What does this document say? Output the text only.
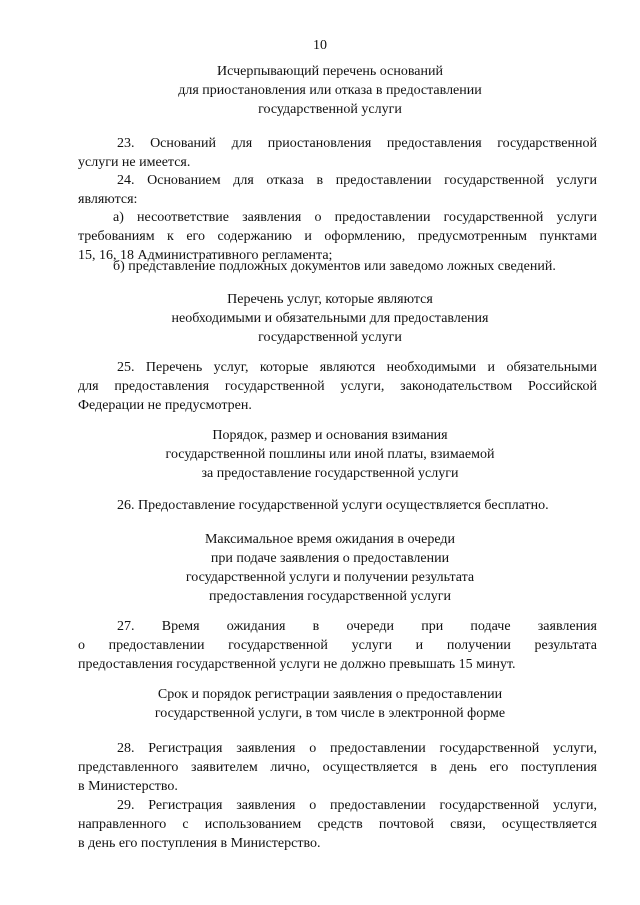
10
Исчерпывающий перечень оснований
для приостановления или отказа в предоставлении
государственной услуги
23. Оснований для приостановления предоставления государственной
услуги не имеется.
24. Основанием для отказа в предоставлении государственной услуги
являются:
а) несоответствие заявления о предоставлении государственной услуги
требованиям к его содержанию и оформлению, предусмотренным пунктами
15, 16, 18 Административного регламента;
б) представление подложных документов или заведомо ложных сведений.
Перечень услуг, которые являются
необходимыми и обязательными для предоставления
государственной услуги
25. Перечень услуг, которые являются необходимыми и обязательными
для предоставления государственной услуги, законодательством Российской
Федерации не предусмотрен.
Порядок, размер и основания взимания
государственной пошлины или иной платы, взимаемой
за предоставление государственной услуги
26. Предоставление государственной услуги осуществляется бесплатно.
Максимальное время ожидания в очереди
при подаче заявления о предоставлении
государственной услуги и получении результата
предоставления государственной услуги
27. Время ожидания в очереди при подаче заявления
о предоставлении государственной услуги и получении результата
предоставления государственной услуги не должно превышать 15 минут.
Срок и порядок регистрации заявления о предоставлении
государственной услуги, в том числе в электронной форме
28. Регистрация заявления о предоставлении государственной услуги,
представленного заявителем лично, осуществляется в день его поступления
в Министерство.
29. Регистрация заявления о предоставлении государственной услуги,
направленного с использованием средств почтовой связи, осуществляется
в день его поступления в Министерство.
